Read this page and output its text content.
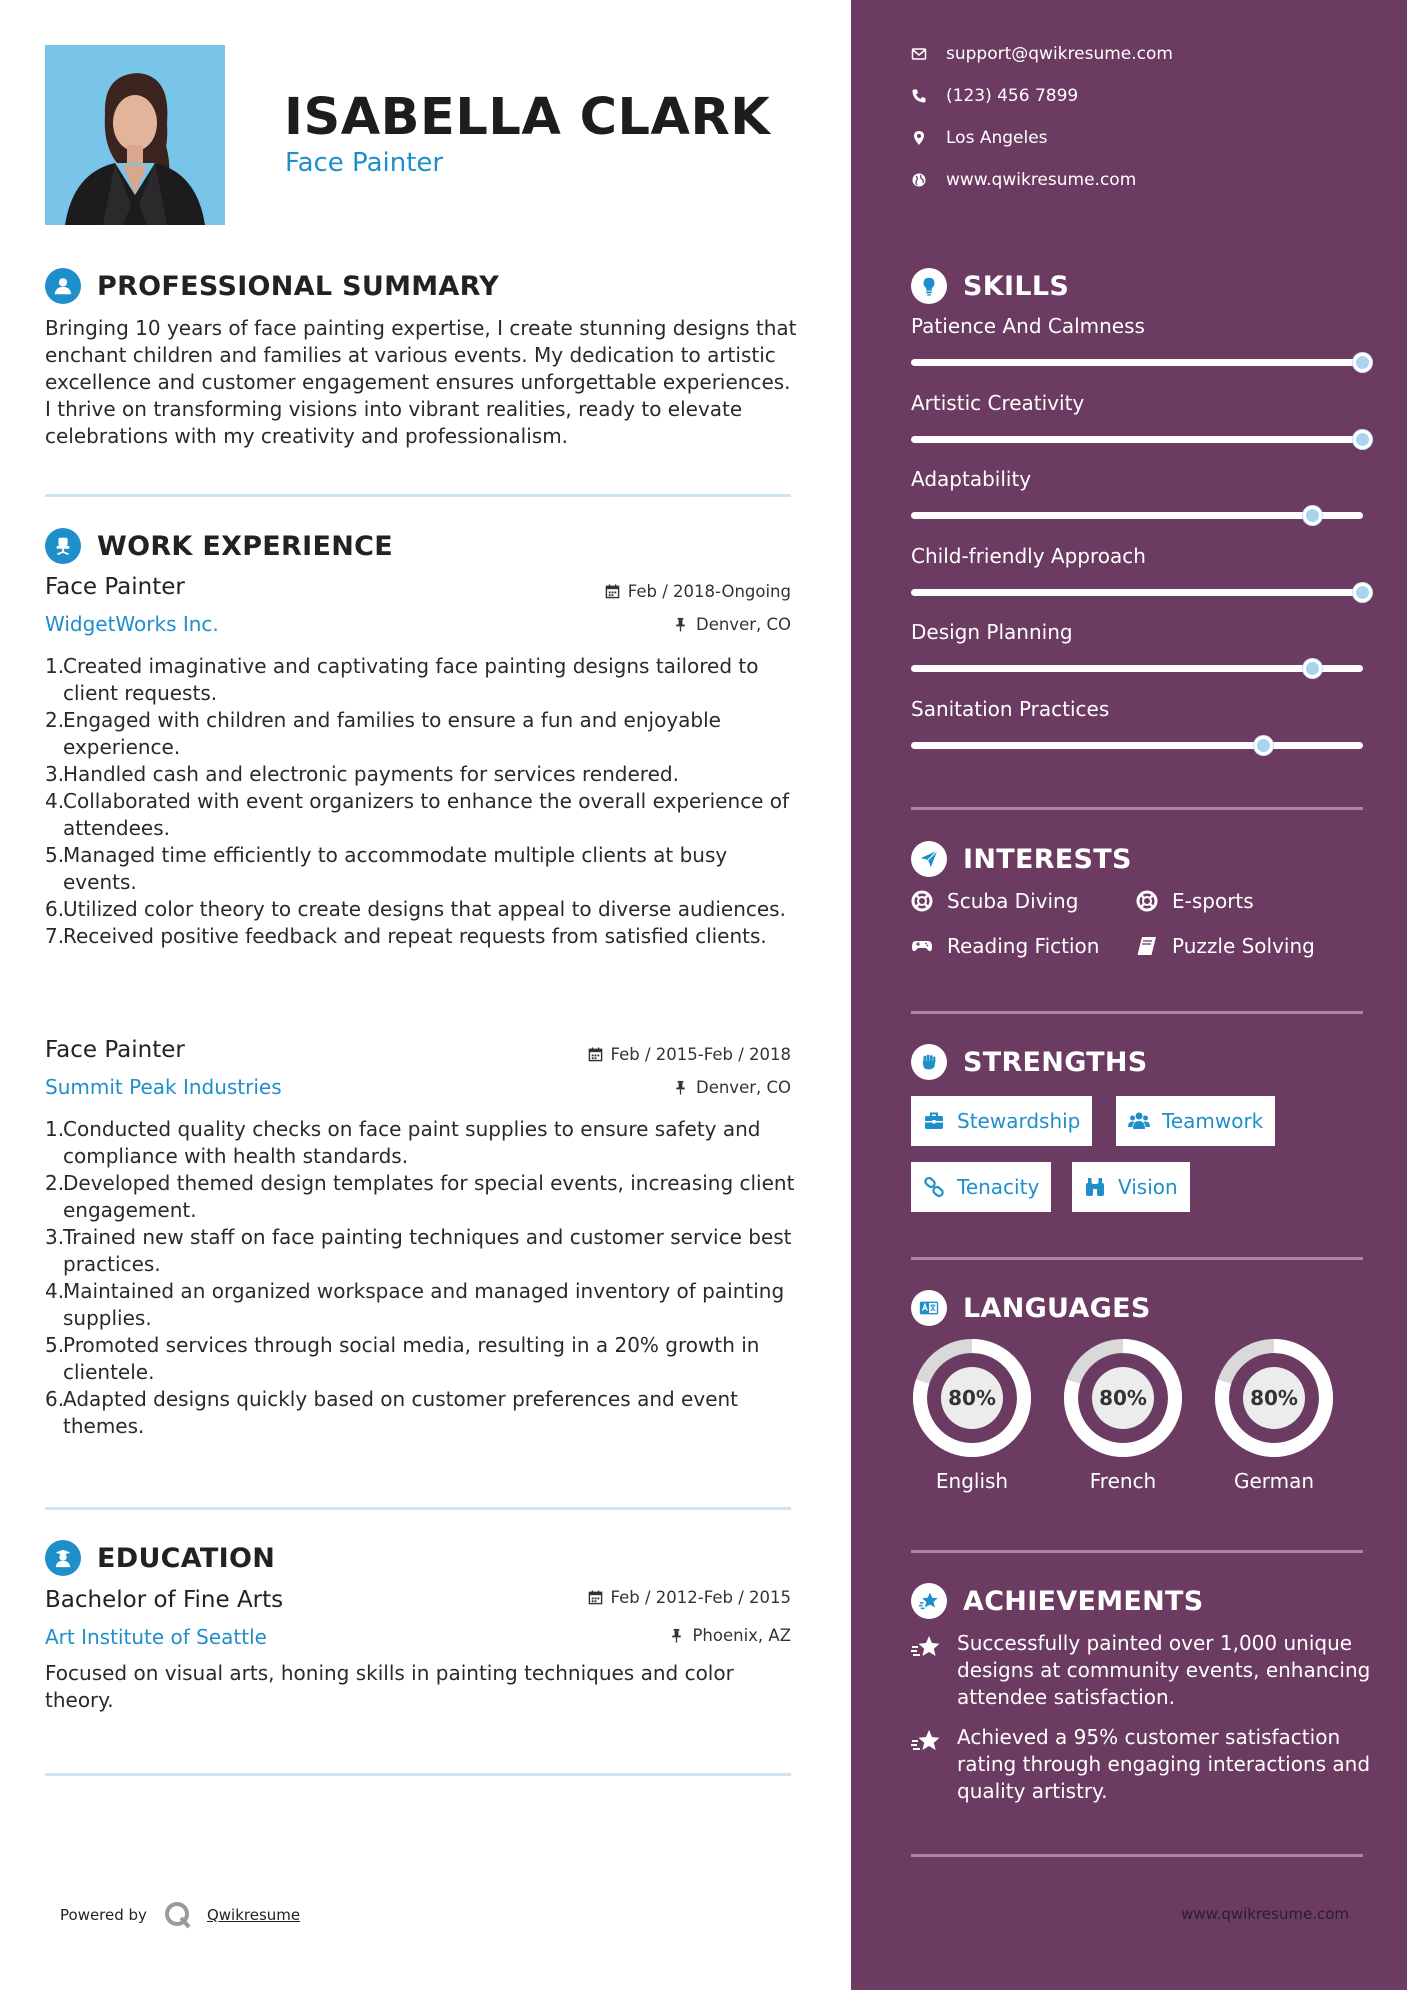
ISABELLA CLARK
Face Painter
PROFESSIONAL SUMMARY
Bringing 10 years of face painting expertise, I create stunning designs that enchant children and families at various events. My dedication to artistic excellence and customer engagement ensures unforgettable experiences. I thrive on transforming visions into vibrant realities, ready to elevate celebrations with my creativity and professionalism.
WORK EXPERIENCE
Face Painter	Feb / 2018-Ongoing
WidgetWorks Inc.	Denver, CO
1.
Created imaginative and captivating face painting designs tailored to client requests.
2.
Engaged with children and families to ensure a fun and enjoyable experience.
3.
Handled cash and electronic payments for services rendered.
4.
Collaborated with event organizers to enhance the overall experience of attendees.
5.
Managed time efficiently to accommodate multiple clients at busy events.
6.
Utilized color theory to create designs that appeal to diverse audiences.
7.
Received positive feedback and repeat requests from satisfied clients.
Face Painter	Feb / 2015-Feb / 2018
Summit Peak Industries	Denver, CO
1.
Conducted quality checks on face paint supplies to ensure safety and compliance with health standards.
2.
Developed themed design templates for special events, increasing client engagement.
3.
Trained new staff on face painting techniques and customer service best practices.
4.
Maintained an organized workspace and managed inventory of painting supplies.
5.
Promoted services through social media, resulting in a 20% growth in clientele.
6.
Adapted designs quickly based on customer preferences and event themes.
EDUCATION
Bachelor of Fine Arts	Feb / 2012-Feb / 2015
Art Institute of Seattle	Phoenix, AZ
Focused on visual arts, honing skills in painting techniques and color theory.
Powered by	Qwikresume
support@qwikresume.com
(123) 456 7899
Los Angeles
www.qwikresume.com
SKILLS
Patience And Calmness
Artistic Creativity
Adaptability
Child-friendly Approach
Design Planning
Sanitation Practices
INTERESTS
Scuba Diving	E-sports
Reading Fiction	Puzzle Solving
STRENGTHS
Stewardship	Teamwork
Tenacity	Vision
LANGUAGES
80%
English
80%
French
80%
German
ACHIEVEMENTS
Successfully painted over 1,000 unique designs at community events, enhancing attendee satisfaction.
Achieved a 95% customer satisfaction rating through engaging interactions and quality artistry.
www.qwikresume.com
